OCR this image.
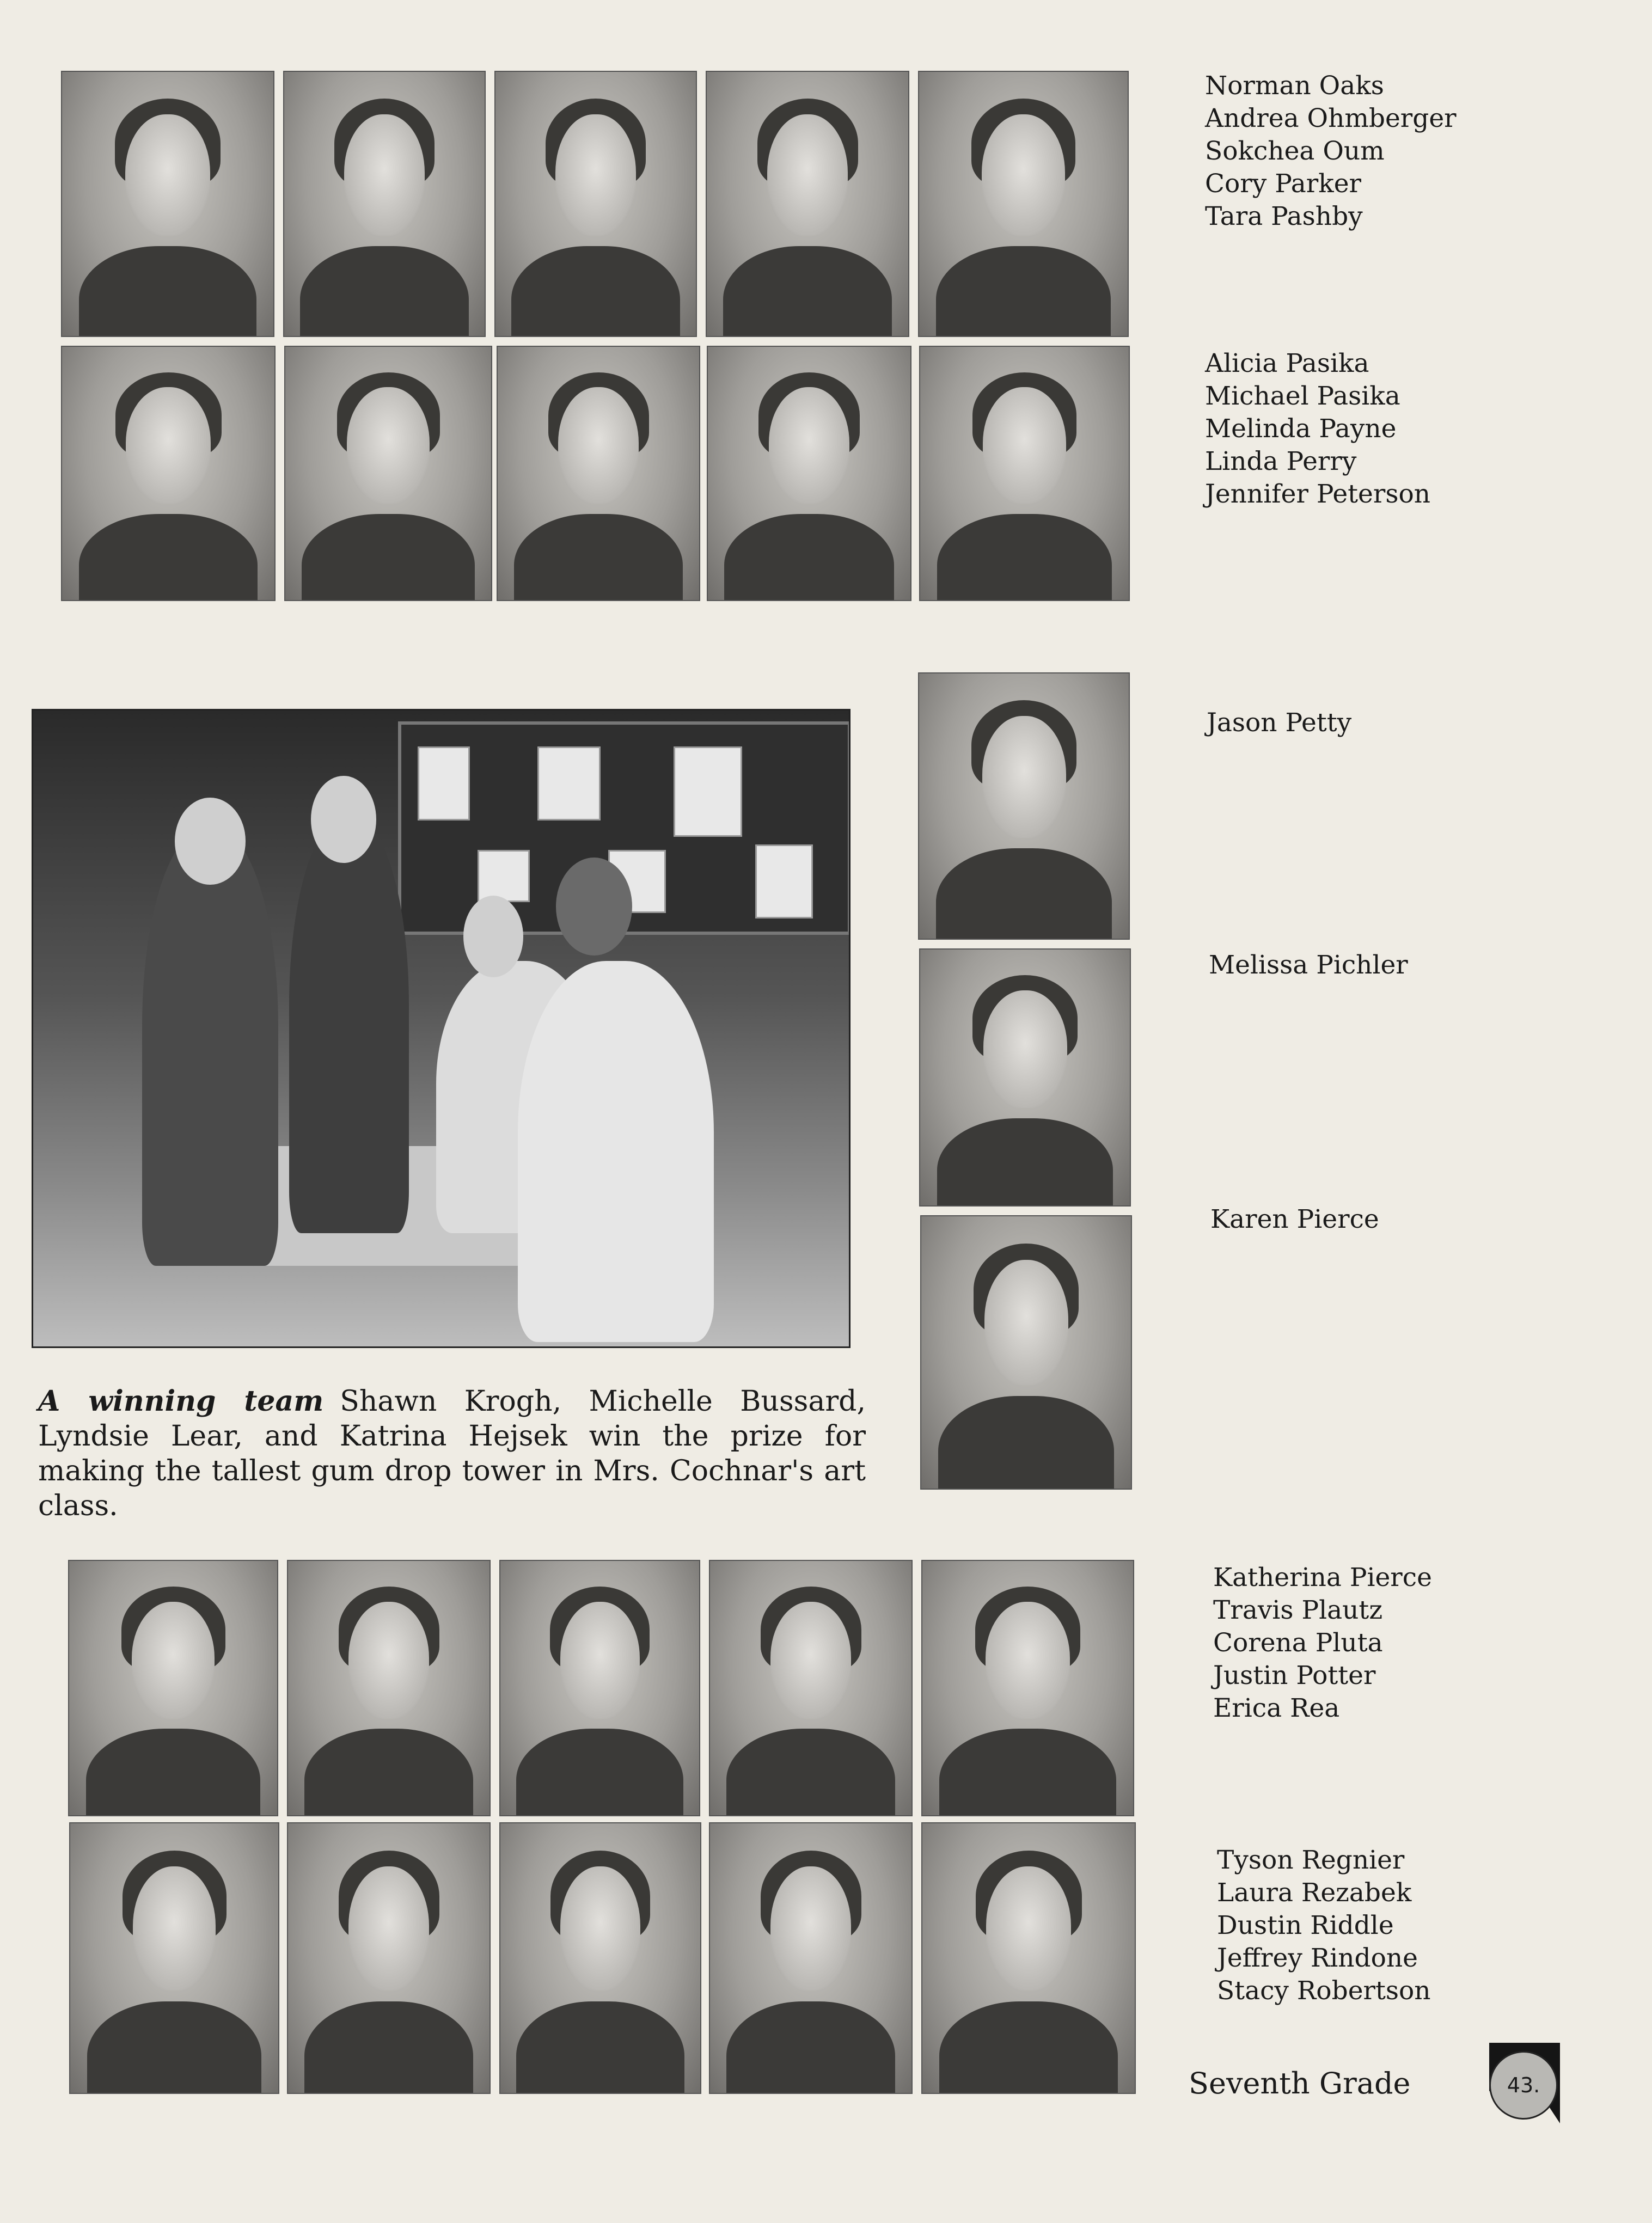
Norman Oaks
Andrea Ohmberger
Sokchea Oum
Cory Parker
Tara Pashby
Alicia Pasika
Michael Pasika
Melinda Payne
Linda Perry
Jennifer Peterson
Jason Petty
Melissa Pichler
Karen Pierce
A winning team Shawn Krogh, Michelle Bussard, Lyndsie Lear, and Katrina Hejsek win the prize for making the tallest gum drop tower in Mrs. Cochnar's art class.
Katherina Pierce
Travis Plautz
Corena Pluta
Justin Potter
Erica Rea
Tyson Regnier
Laura Rezabek
Dustin Riddle
Jeffrey Rindone
Stacy Robertson
Seventh Grade	43.
